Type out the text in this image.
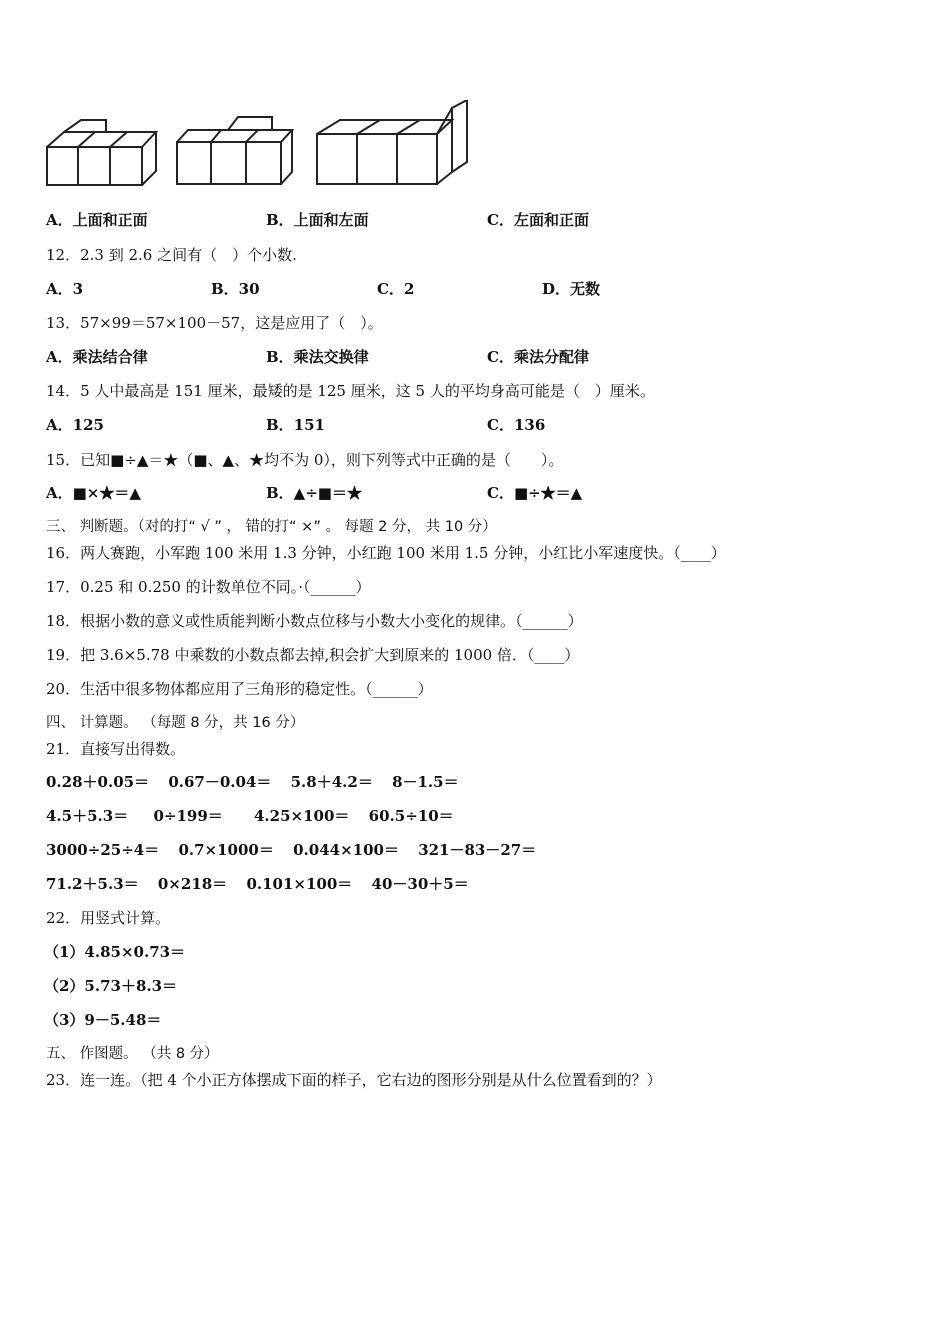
A．上面和正面	B．上面和左面	C．左面和正面
12．2.3 到 2.6 之间有（　）个小数.
A．3	B．30	C．2	D．无数
13．57×99＝57×100－57，这是应用了（　）。
A．乘法结合律	B．乘法交换律	C．乘法分配律
14．5 人中最高是 151 厘米，最矮的是 125 厘米，这 5 人的平均身高可能是（　）厘米。
A．125	B．151	C．136
15．已知■÷▲＝★（■、▲、★均不为 0），则下列等式中正确的是（　　）。
A．■×★＝▲	B．▲÷■＝★	C．■÷★＝▲
三、 判断题。（对的打“ √ ” ， 错的打“ ×” 。 每题 2 分， 共 10 分）
16．两人赛跑，小军跑 100 米用 1.3 分钟，小红跑 100 米用 1.5 分钟，小红比小军速度快。（____）
17．0.25 和 0.250 的计数单位不同。·（______）
18．根据小数的意义或性质能判断小数点位移与小数大小变化的规律。（______）
19．把 3.6×5.78 中乘数的小数点都去掉,积会扩大到原来的 1000 倍．（____）
20．生活中很多物体都应用了三角形的稳定性。（______）
四、 计算题。 （每题 8 分，共 16 分）
21．直接写出得数。
0.28＋0.05＝ 0.67－0.04＝ 5.8＋4.2＝ 8－1.5＝
4.5＋5.3＝ 0÷199＝ 4.25×100＝ 60.5÷10＝
3000÷25÷4＝ 0.7×1000＝ 0.044×100＝ 321－83－27＝
71.2＋5.3＝ 0×218＝ 0.101×100＝ 40－30＋5＝
22．用竖式计算。
（1）4.85×0.73＝
（2）5.73＋8.3＝
（3）9－5.48＝
五、 作图题。 （共 8 分）
23．连一连。（把 4 个小正方体摆成下面的样子，它右边的图形分别是从什么位置看到的？）
